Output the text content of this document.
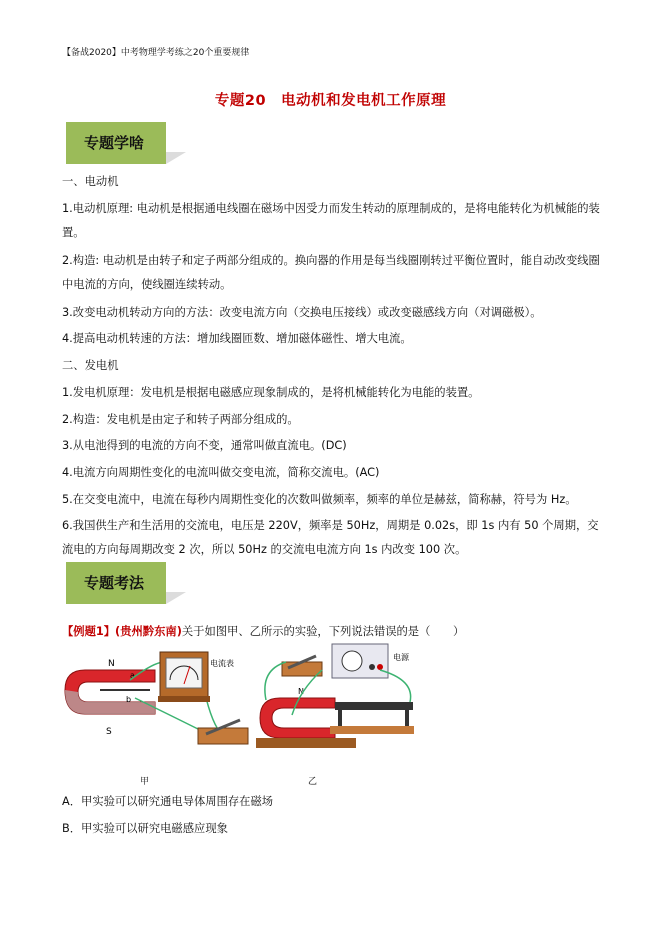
【备战2020】中考物理学考练之20个重要规律
专题20　电动机和发电机工作原理
专题学啥
一、电动机
1.电动机原理: 电动机是根据通电线圈在磁场中因受力而发生转动的原理制成的，是将电能转化为机械能的装置。
2.构造: 电动机是由转子和定子两部分组成的。换向器的作用是每当线圈刚转过平衡位置时，能自动改变线圈中电流的方向，使线圈连续转动。
3.改变电动机转动方向的方法：改变电流方向（交换电压接线）或改变磁感线方向（对调磁极）。
4.提高电动机转速的方法：增加线圈匝数、增加磁体磁性、增大电流。
二、发电机
1.发电机原理：发电机是根据电磁感应现象制成的，是将机械能转化为电能的装置。
2.构造：发电机是由定子和转子两部分组成的。
3.从电池得到的电流的方向不变，通常叫做直流电。(DC)
4.电流方向周期性变化的电流叫做交变电流，简称交流电。(AC)
5.在交变电流中，电流在每秒内周期性变化的次数叫做频率，频率的单位是赫兹，简称赫，符号为 Hz。
6.我国供生产和生活用的交流电，电压是 220V，频率是 50Hz，周期是 0.02s，即 1s 内有 50 个周期，交流电的方向每周期改变 2 次，所以 50Hz 的交流电电流方向 1s 内改变 100 次。
专题考法
【例题1】(贵州黔东南)关于如图甲、乙所示的实验，下列说法错误的是（　　）
N
S
a
b
电流表
电源
N
甲	乙
A．甲实验可以研究通电导体周围存在磁场
B．甲实验可以研究电磁感应现象
